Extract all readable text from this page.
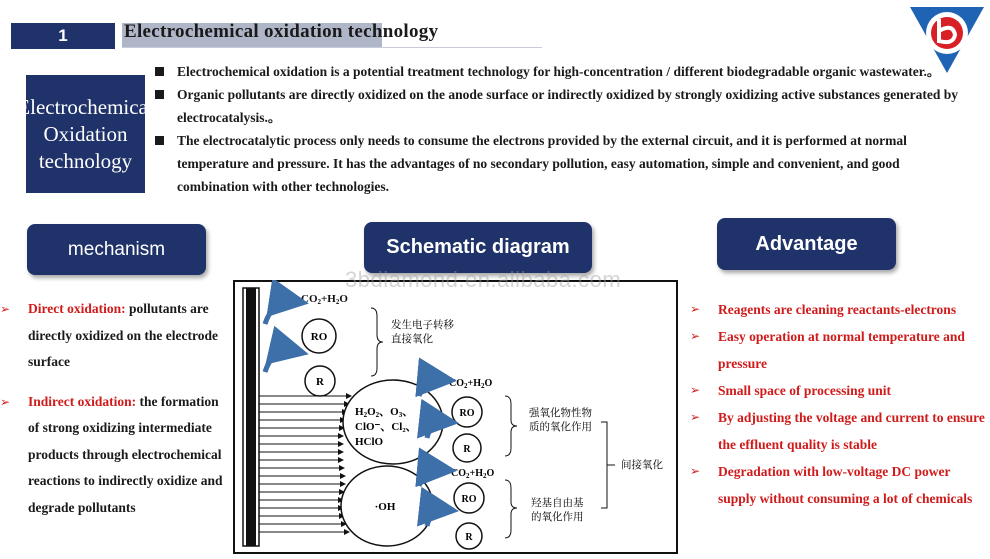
1	Electrochemical oxidation technology
Electrochemical Oxidation technology
Electrochemical oxidation is a potential treatment technology for high-concentration / different biodegradable organic wastewater.。
Organic pollutants are directly oxidized on the anode surface or indirectly oxidized by strongly oxidizing active substances generated by electrocatalysis.。
The electrocatalytic process only needs to consume the electrons provided by the external circuit, and it is performed at normal temperature and pressure. It has the advantages of no secondary pollution, easy automation, simple and convenient, and good combination with other technologies.
mechanism	Schematic diagram	Advantage
➢ Direct oxidation: pollutants are directly oxidized on the electrode surface
➢ Indirect oxidation: the formation of strong oxidizing intermediate products through electrochemical reactions to indirectly oxidize and degrade pollutants
➢ Reagents are cleaning reactants-electrons
➢ Easy operation at normal temperature and pressure
➢ Small space of processing unit
➢ By adjusting the voltage and current to ensure the effluent quality is stable
➢ Degradation with low-voltage DC power supply without consuming a lot of chemicals
CO2+H2O
RO
R
发生电子转移
直接氧化
H2O2、O3、
ClO⁻、Cl₂、
HClO
$CO_2+H_2O$
RO
R
强氧化物性物
质的氧化作用
·OH
$CO_2+H_2O$
RO
R
羟基自由基
的氧化作用
间接氧化
3bdiamond.en.alibaba.com
